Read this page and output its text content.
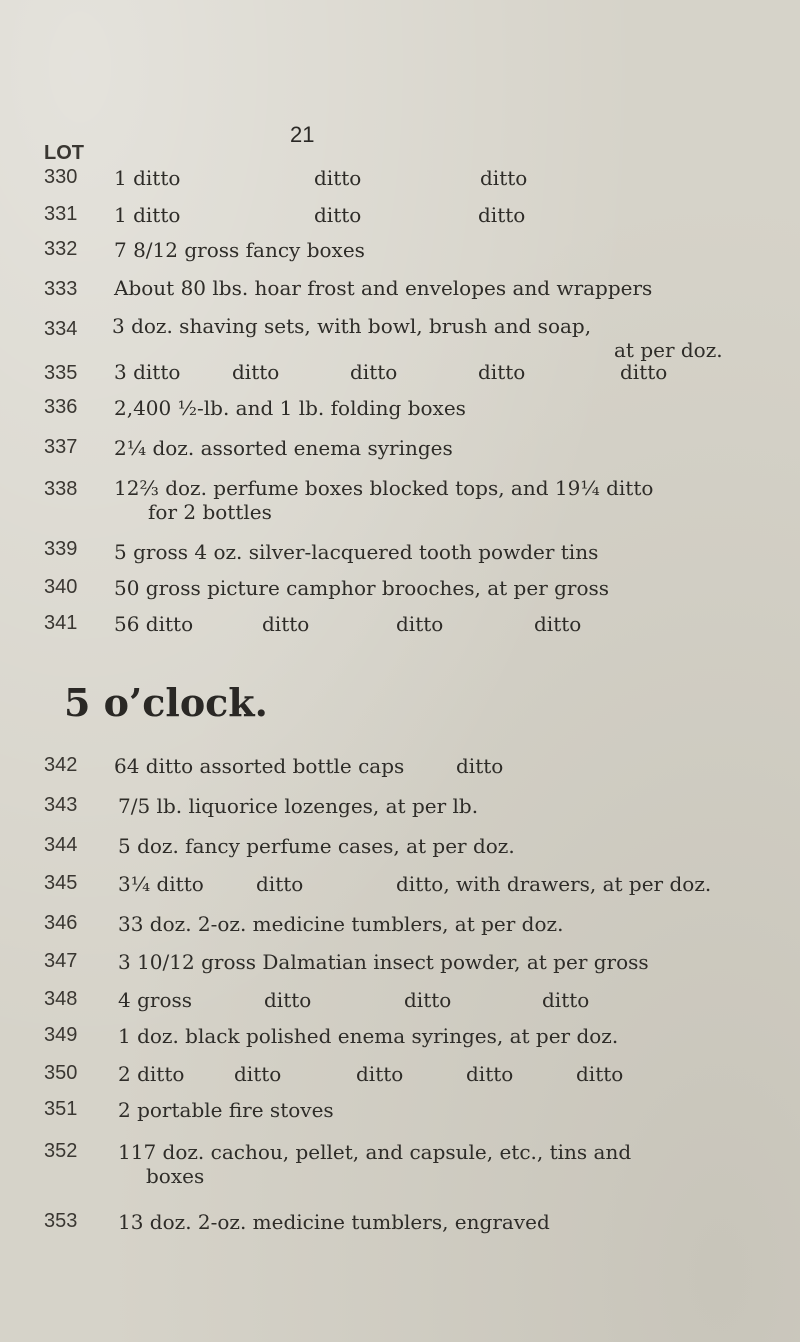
21
LOT
330 1 ditto	ditto	ditto
331 1 ditto	ditto	ditto
332 7 8/12 gross fancy boxes
333 About 80 lbs. hoar frost and envelopes and wrappers
334 3 doz. shaving sets, with bowl, brush and soap,
at per doz.
335 3 ditto	ditto	ditto	ditto	ditto
336 2,400 ½-lb. and 1 lb. folding boxes
337 2¼ doz. assorted enema syringes
338 12⅔ doz. perfume boxes blocked tops, and 19¼ ditto
for 2 bottles
339 5 gross 4 oz. silver-lacquered tooth powder tins
340 50 gross picture camphor brooches, at per gross
341 56 ditto	ditto	ditto	ditto
5 o’clock.
342 64 ditto assorted bottle caps	ditto
343 7/5 lb. liquorice lozenges, at per lb.
344 5 doz. fancy perfume cases, at per doz.
345 3¼ ditto	ditto	ditto, with drawers, at per doz.
346 33 doz. 2-oz. medicine tumblers, at per doz.
347 3 10/12 gross Dalmatian insect powder, at per gross
348 4 gross	ditto	ditto	ditto
349 1 doz. black polished enema syringes, at per doz.
350 2 ditto ditto	ditto	ditto	ditto
351 2 portable fire stoves
352 117 doz. cachou, pellet, and capsule, etc., tins and
boxes
353 13 doz. 2-oz. medicine tumblers, engraved
